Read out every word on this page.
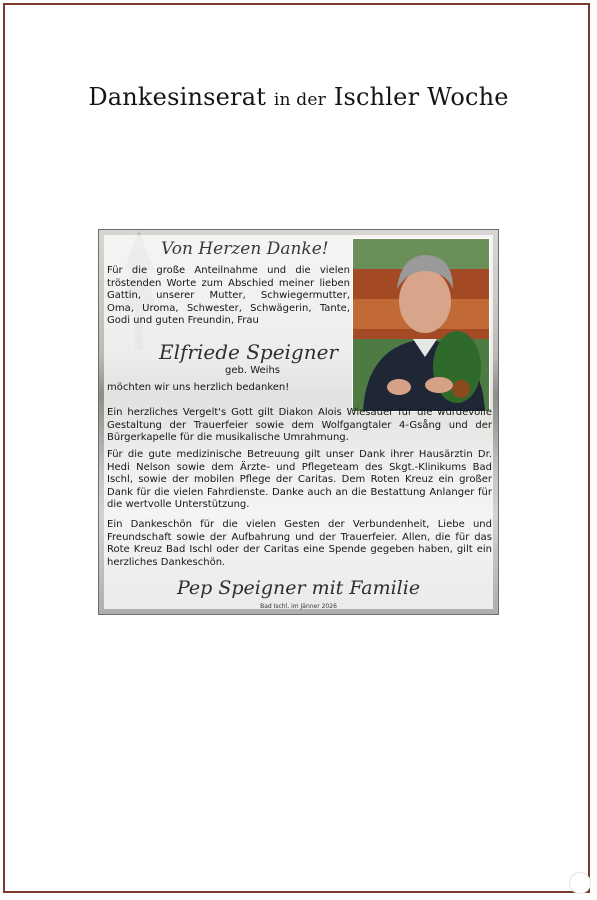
Dankesinserat in der Ischler Woche
Von Herzen Danke!
Für die große Anteilnahme und die vielen
tröstenden Worte zum Abschied meiner lieben
Gattin, unserer Mutter, Schwiegermutter,
Oma, Uroma, Schwester, Schwägerin, Tante,
Godi und guten Freundin, Frau
Elfriede Speigner
geb. Weihs
möchten wir uns herzlich bedanken!
Ein herzliches Vergelt's Gott gilt Diakon Alois Wiesauer für die würdevolle Gestaltung der Trauerfeier sowie dem Wolfgangtaler 4-Gsång und der Bürgerkapelle für die musikalische Umrahmung.
Für die gute medizinische Betreuung gilt unser Dank ihrer Hausärztin Dr. Hedi Nelson sowie dem Ärzte- und Pflegeteam des Skgt.-Klinikums Bad Ischl, sowie der mobilen Pflege der Caritas. Dem Roten Kreuz ein großer Dank für die vielen Fahrdienste. Danke auch an die Bestattung Anlanger für die wertvolle Unterstützung.
Ein Dankeschön für die vielen Gesten der Verbundenheit, Liebe und Freundschaft sowie der Aufbahrung und der Trauerfeier. Allen, die für das Rote Kreuz Bad Ischl oder der Caritas eine Spende gegeben haben, gilt ein herzliches Dankeschön.
Pep Speigner mit Familie
Bad Ischl, im Jänner 2026
